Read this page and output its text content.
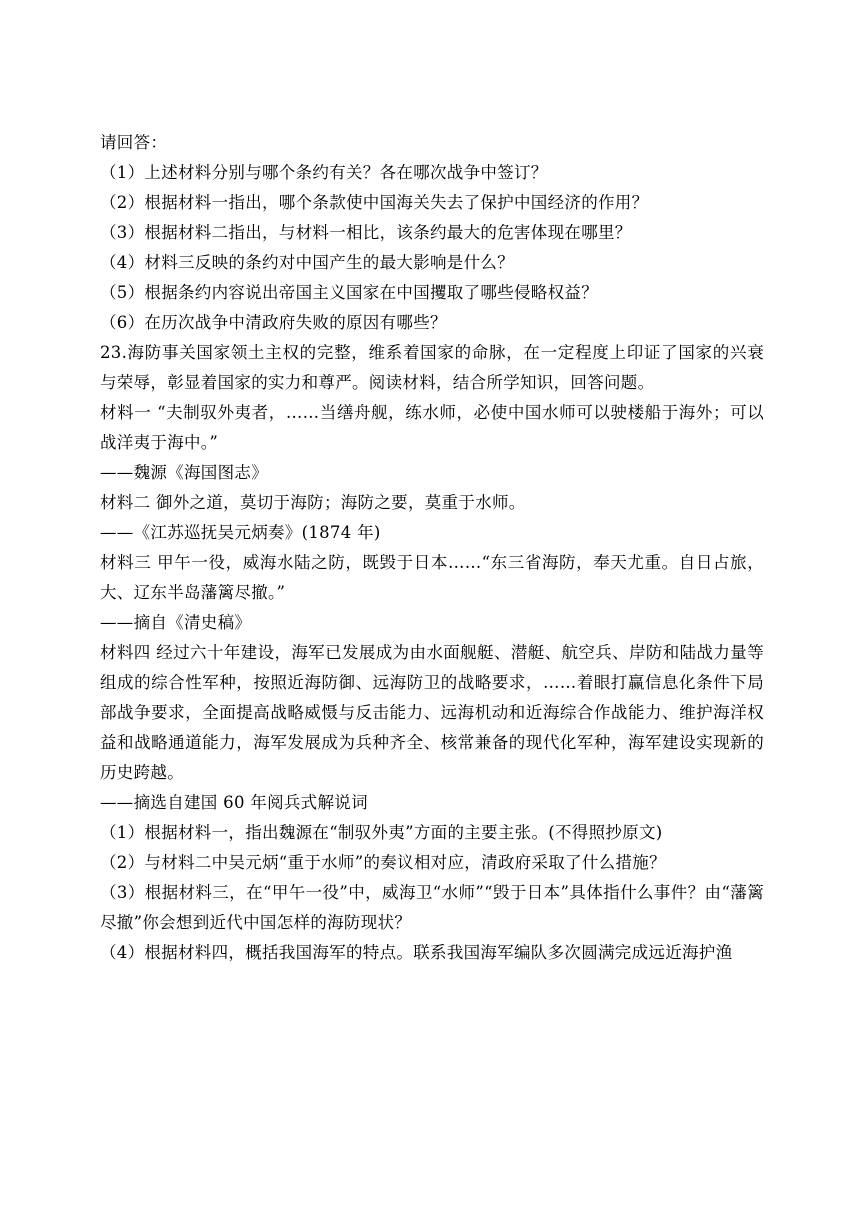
请回答：

（1）上述材料分别与哪个条约有关？各在哪次战争中签订？

（2）根据材料一指出，哪个条款使中国海关失去了保护中国经济的作用？

（3）根据材料二指出，与材料一相比，该条约最大的危害体现在哪里？

（4）材料三反映的条约对中国产生的最大影响是什么？

（5）根据条约内容说出帝国主义国家在中国攫取了哪些侵略权益？

（6）在历次战争中清政府失败的原因有哪些？

23.海防事关国家领土主权的完整，维系着国家的命脉，在一定程度上印证了国家的兴衰与荣辱，彰显着国家的实力和尊严。阅读材料，结合所学知识，回答问题。

材料一 “夫制驭外夷者，……当缮舟舰，练水师，必使中国水师可以驶楼船于海外；可以战洋夷于海中。”

——魏源《海国图志》

材料二 御外之道，莫切于海防；海防之要，莫重于水师。

——《江苏巡抚吴元炳奏》(1874 年)

材料三 甲午一役，威海水陆之防，既毁于日本……“东三省海防，奉天尤重。自日占旅，大、辽东半岛藩篱尽撤。”

——摘自《清史稿》

材料四 经过六十年建设，海军已发展成为由水面舰艇、潜艇、航空兵、岸防和陆战力量等组成的综合性军种，按照近海防御、远海防卫的战略要求，……着眼打赢信息化条件下局部战争要求，全面提高战略威慑与反击能力、远海机动和近海综合作战能力、维护海洋权益和战略通道能力，海军发展成为兵种齐全、核常兼备的现代化军种，海军建设实现新的历史跨越。

——摘选自建国 60 年阅兵式解说词

（1）根据材料一，指出魏源在“制驭外夷”方面的主要主张。(不得照抄原文)

（2）与材料二中吴元炳“重于水师”的奏议相对应，清政府采取了什么措施？

（3）根据材料三，在“甲午一役”中，威海卫“水师”“毁于日本”具体指什么事件？由“藩篱尽撤”你会想到近代中国怎样的海防现状？

（4）根据材料四，概括我国海军的特点。联系我国海军编队多次圆满完成远近海护渔
